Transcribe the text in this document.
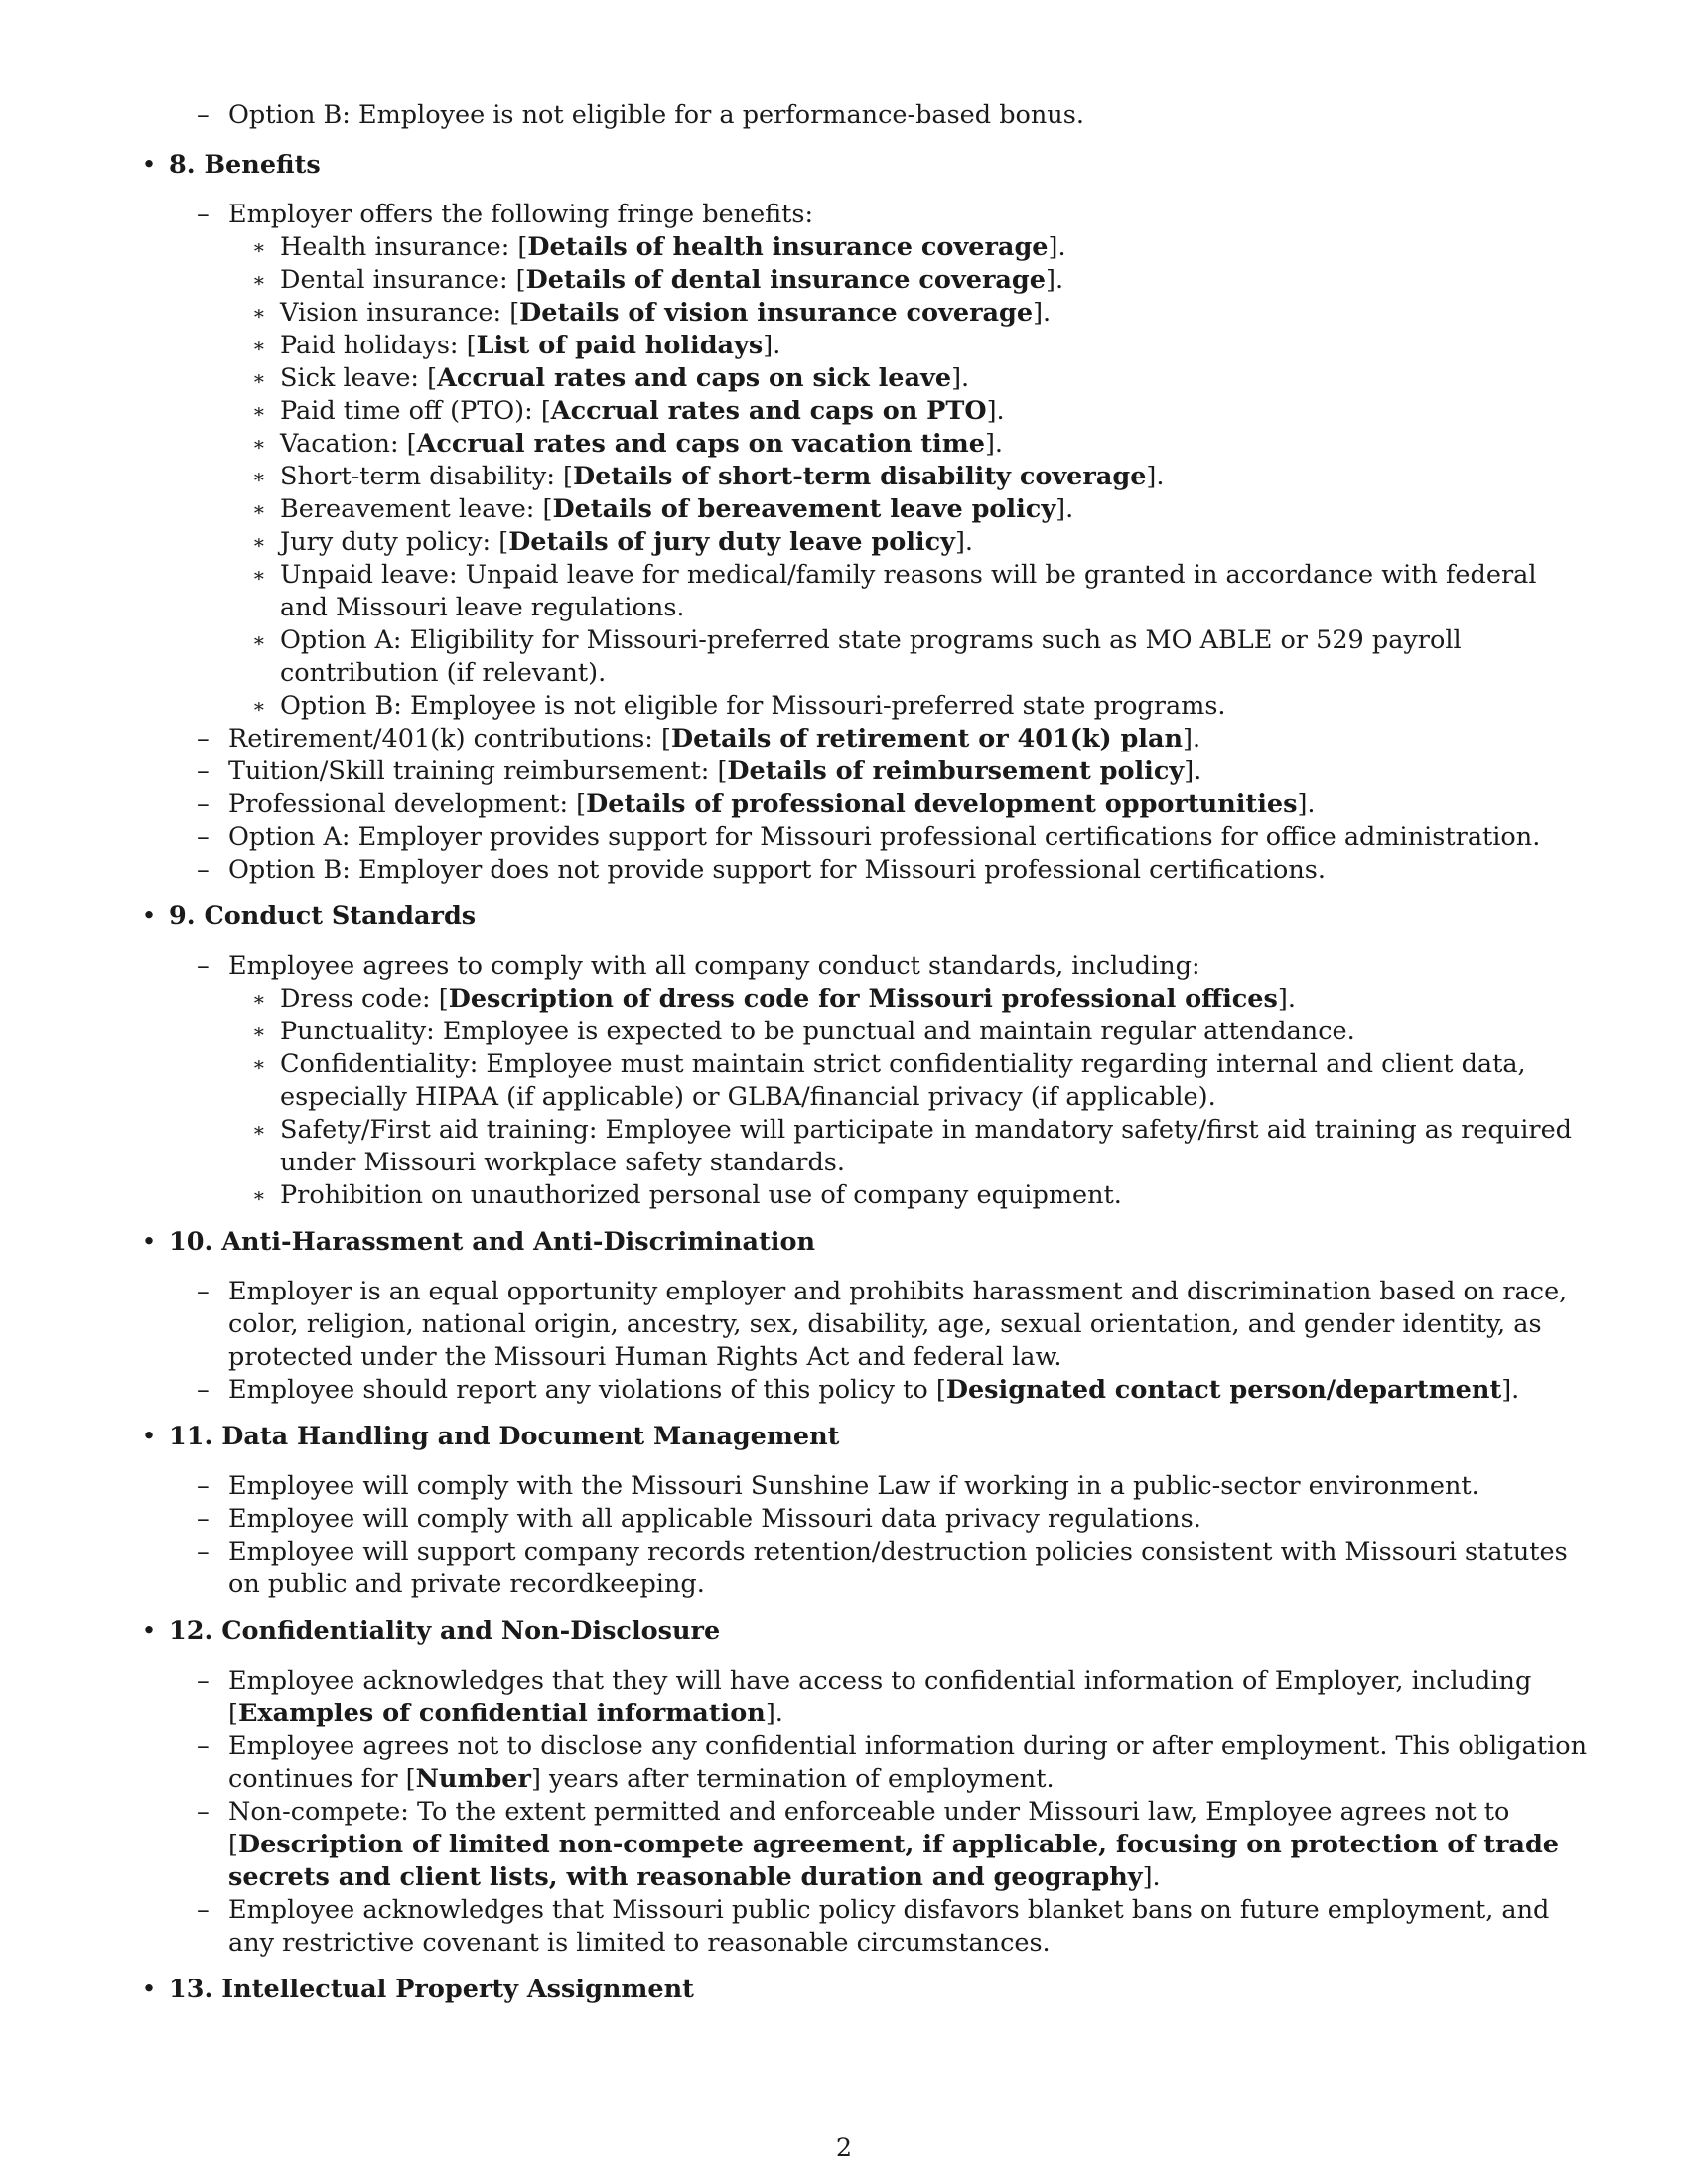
– Option B: Employee is not eligible for a performance-based bonus.
• 8. Benefits
– Employer offers the following fringe benefits:
∗ Health insurance: [Details of health insurance coverage].
∗ Dental insurance: [Details of dental insurance coverage].
∗ Vision insurance: [Details of vision insurance coverage].
∗ Paid holidays: [List of paid holidays].
∗ Sick leave: [Accrual rates and caps on sick leave].
∗ Paid time off (PTO): [Accrual rates and caps on PTO].
∗ Vacation: [Accrual rates and caps on vacation time].
∗ Short-term disability: [Details of short-term disability coverage].
∗ Bereavement leave: [Details of bereavement leave policy].
∗ Jury duty policy: [Details of jury duty leave policy].
∗ Unpaid leave: Unpaid leave for medical/family reasons will be granted in accordance with federal and Missouri leave regulations.
∗ Option A: Eligibility for Missouri-preferred state programs such as MO ABLE or 529 payroll contribution (if relevant).
∗ Option B: Employee is not eligible for Missouri-preferred state programs.
– Retirement/401(k) contributions: [Details of retirement or 401(k) plan].
– Tuition/Skill training reimbursement: [Details of reimbursement policy].
– Professional development: [Details of professional development opportunities].
– Option A: Employer provides support for Missouri professional certifications for office administration.
– Option B: Employer does not provide support for Missouri professional certifications.
• 9. Conduct Standards
– Employee agrees to comply with all company conduct standards, including:
∗ Dress code: [Description of dress code for Missouri professional offices].
∗ Punctuality: Employee is expected to be punctual and maintain regular attendance.
∗ Confidentiality: Employee must maintain strict confidentiality regarding internal and client data, especially HIPAA (if applicable) or GLBA/financial privacy (if applicable).
∗ Safety/First aid training: Employee will participate in mandatory safety/first aid training as required under Missouri workplace safety standards.
∗ Prohibition on unauthorized personal use of company equipment.
• 10. Anti-Harassment and Anti-Discrimination
– Employer is an equal opportunity employer and prohibits harassment and discrimination based on race, color, religion, national origin, ancestry, sex, disability, age, sexual orientation, and gender identity, as protected under the Missouri Human Rights Act and federal law.
– Employee should report any violations of this policy to [Designated contact person/department].
• 11. Data Handling and Document Management
– Employee will comply with the Missouri Sunshine Law if working in a public-sector environment.
– Employee will comply with all applicable Missouri data privacy regulations.
– Employee will support company records retention/destruction policies consistent with Missouri statutes on public and private recordkeeping.
• 12. Confidentiality and Non-Disclosure
– Employee acknowledges that they will have access to confidential information of Employer, including [Examples of confidential information].
– Employee agrees not to disclose any confidential information during or after employment. This obligation continues for [Number] years after termination of employment.
– Non-compete: To the extent permitted and enforceable under Missouri law, Employee agrees not to [Description of limited non-compete agreement, if applicable, focusing on protection of trade secrets and client lists, with reasonable duration and geography].
– Employee acknowledges that Missouri public policy disfavors blanket bans on future employment, and any restrictive covenant is limited to reasonable circumstances.
• 13. Intellectual Property Assignment
2
